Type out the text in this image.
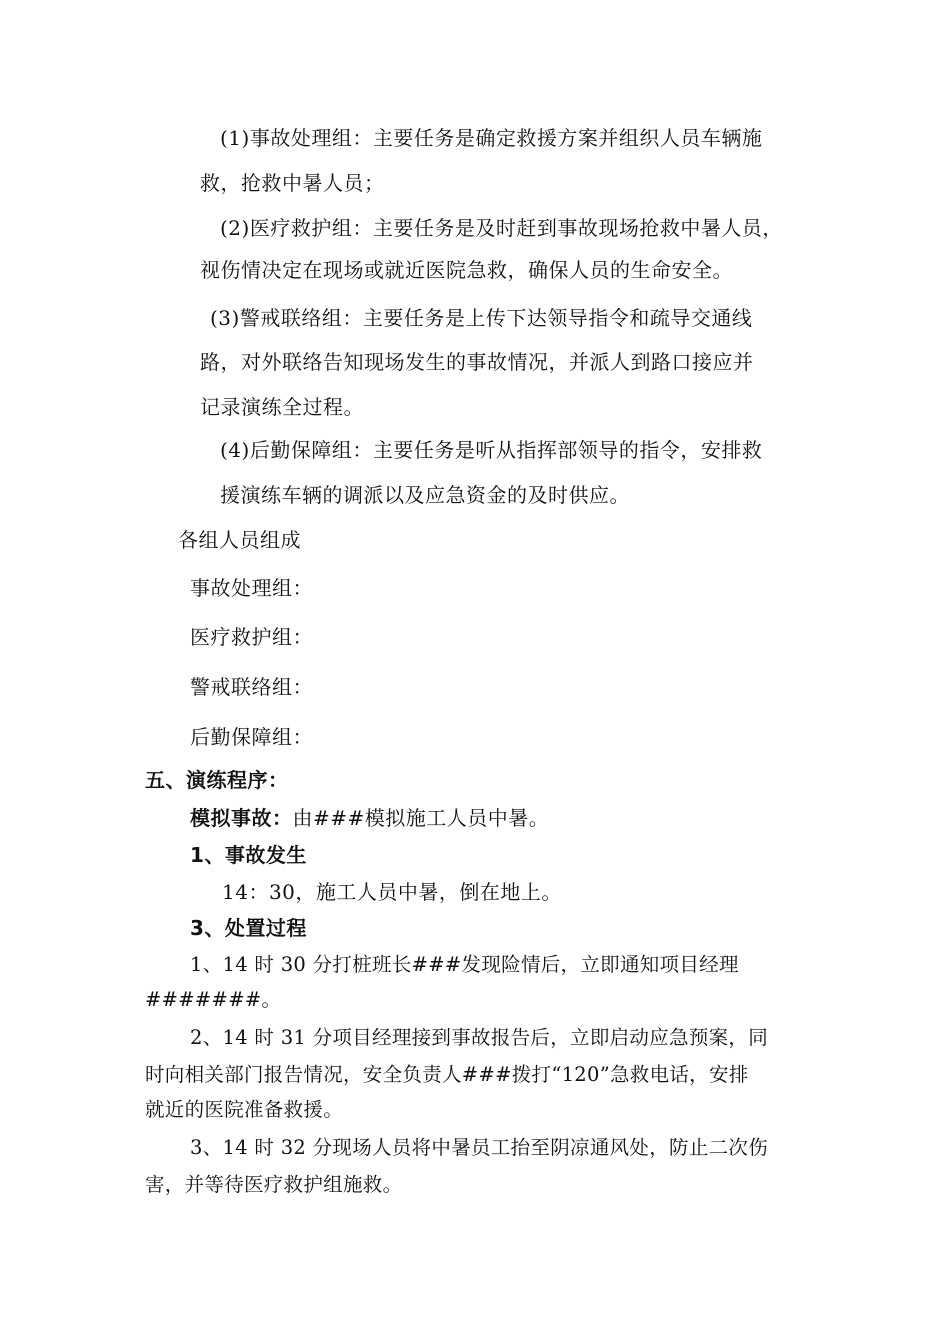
(1)事故处理组：主要任务是确定救援方案并组织人员车辆施
救，抢救中暑人员；
(2)医疗救护组：主要任务是及时赶到事故现场抢救中暑人员，
视伤情决定在现场或就近医院急救，确保人员的生命安全。
(3)警戒联络组：主要任务是上传下达领导指令和疏导交通线
路，对外联络告知现场发生的事故情况，并派人到路口接应并
记录演练全过程。
(4)后勤保障组：主要任务是听从指挥部领导的指令，安排救
援演练车辆的调派以及应急资金的及时供应。
各组人员组成
事故处理组：
医疗救护组：
警戒联络组：
后勤保障组：
五、演练程序：
模拟事故：由###模拟施工人员中暑。
1、事故发生
14：30，施工人员中暑，倒在地上。
3、处置过程
1、14 时 30 分打桩班长###发现险情后，立即通知项目经理
#######。
2、14 时 31 分项目经理接到事故报告后，立即启动应急预案，同
时向相关部门报告情况，安全负责人###拨打“120”急救电话，安排
就近的医院准备救援。
3、14 时 32 分现场人员将中暑员工抬至阴凉通风处，防止二次伤
害，并等待医疗救护组施救。
